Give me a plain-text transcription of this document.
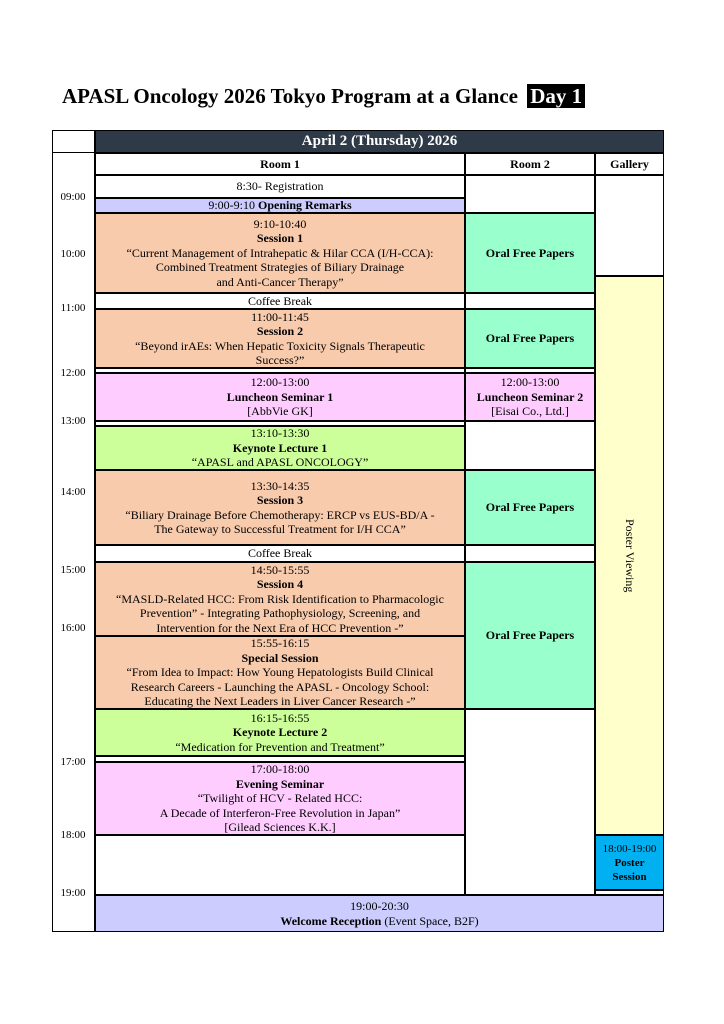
APASL Oncology 2026 Tokyo Program at a Glance Day 1
April 2 (Thursday) 2026
Room 1	Room 2	Gallery
09:00
10:00
11:00
12:00
13:00
14:00
15:00
16:00
17:00
18:00
19:00
8:30- Registration
9:00-9:10
Opening Remarks
9:10-10:40
Session 1
“Current Management of Intrahepatic & Hilar CCA (I/H-CCA):
Combined Treatment Strategies of Biliary Drainage
and Anti-Cancer Therapy”
Coffee Break
11:00-11:45
Session 2
“Beyond irAEs: When Hepatic Toxicity Signals Therapeutic
Success?”
12:00-13:00
Luncheon Seminar 1
[AbbVie GK]
13:10-13:30
Keynote Lecture 1
“APASL and APASL ONCOLOGY”
13:30-14:35
Session 3
“Biliary Drainage Before Chemotherapy: ERCP vs EUS-BD/A -
The Gateway to Successful Treatment for I/H CCA”
Coffee Break
14:50-15:55
Session 4
“MASLD-Related HCC: From Risk Identification to Pharmacologic
Prevention” - Integrating Pathophysiology, Screening, and
Intervention for the Next Era of HCC Prevention -”
15:55-16:15
Special Session
“From Idea to Impact: How Young Hepatologists Build Clinical
Research Careers - Launching the APASL - Oncology School:
Educating the Next Leaders in Liver Cancer Research -”
16:15-16:55
Keynote Lecture 2
“Medication for Prevention and Treatment”
17:00-18:00
Evening Seminar
“Twilight of HCV - Related HCC:
A Decade of Interferon-Free Revolution in Japan”
[Gilead Sciences K.K.]
Oral Free Papers
Oral Free Papers
12:00-13:00
Luncheon Seminar 2
[Eisai Co., Ltd.]
Oral Free Papers
Oral Free Papers
Poster Viewing
18:00-19:00
Poster
Session
19:00-20:30
Welcome Reception (Event Space, B2F)
